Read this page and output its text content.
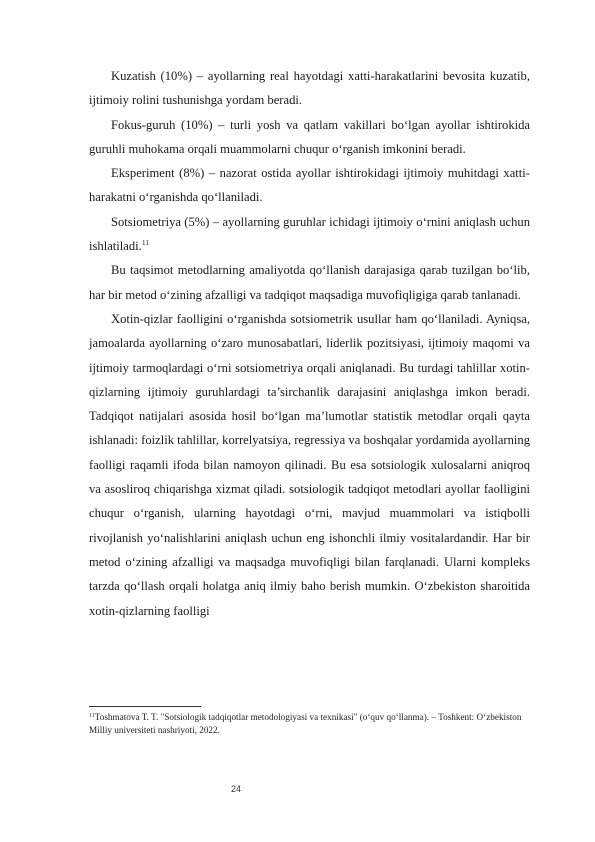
Kuzatish (10%) – ayollarning real hayotdagi xatti-harakatlarini bevosita kuzatib, ijtimoiy rolini tushunishga yordam beradi.

Fokus-guruh (10%) – turli yosh va qatlam vakillari bo‘lgan ayollar ishtirokida guruhli muhokama orqali muammolarni chuqur o‘rganish imkonini beradi.

Eksperiment (8%) – nazorat ostida ayollar ishtirokidagi ijtimoiy muhitdagi xatti-harakatni o‘rganishda qo‘llaniladi.

Sotsiometriya (5%) – ayollarning guruhlar ichidagi ijtimoiy o‘rnini aniqlash uchun ishlatiladi.$^{11}$

Bu taqsimot metodlarning amaliyotda qo‘llanish darajasiga qarab tuzilgan bo‘lib, har bir metod o‘zining afzalligi va tadqiqot maqsadiga muvofiqligiga qarab tanlanadi.

Xotin-qizlar faolligini o‘rganishda sotsiometrik usullar ham qo‘llaniladi. Ayniqsa, jamoalarda ayollarning o‘zaro munosabatlari, liderlik pozitsiyasi, ijtimoiy maqomi va ijtimoiy tarmoqlardagi o‘rni sotsiometriya orqali aniqlanadi. Bu turdagi tahlillar xotin-qizlarning ijtimoiy guruhlardagi ta’sirchanlik darajasini aniqlashga imkon beradi. Tadqiqot natijalari asosida hosil bo‘lgan ma’lumotlar statistik metodlar orqali qayta ishlanadi: foizlik tahlillar, korrelyatsiya, regressiya va boshqalar yordamida ayollarning faolligi raqamli ifoda bilan namoyon qilinadi. Bu esa sotsiologik xulosalarni aniqroq va asosliroq chiqarishga xizmat qiladi. sotsiologik tadqiqot metodlari ayollar faolligini chuqur o‘rganish, ularning hayotdagi o‘rni, mavjud muammolari va istiqbolli rivojlanish yo‘nalishlarini aniqlash uchun eng ishonchli ilmiy vositalardandir. Har bir metod o‘zining afzalligi va maqsadga muvofiqligi bilan farqlanadi. Ularni kompleks tarzda qo‘llash orqali holatga aniq ilmiy baho berish mumkin. O‘zbekiston sharoitida xotin-qizlarning faolligi

$^{11}$Toshmatova T. T. "Sotsiologik tadqiqotlar metodologiyasi va texnikasi" (o‘quv qo‘llanma). – Toshkent: O‘zbekiston Milliy universiteti nashriyoti, 2022.
24
